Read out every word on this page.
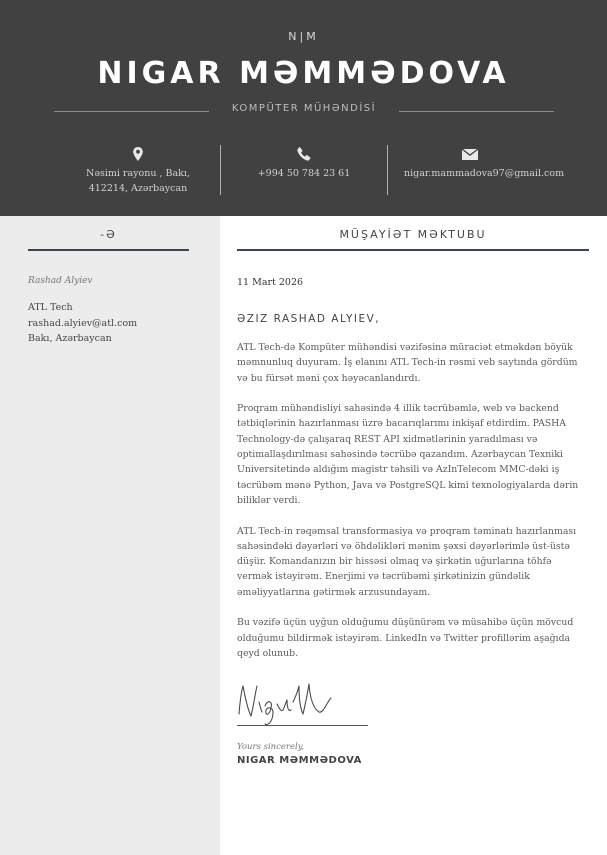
N|M
NIGAR MƏMMƏDOVA
KOMPÜTER MÜHƏNDİSİ
Nəsimi rayonu , Bakı, 412214, Azərbaycan
+994 50 784 23 61	nigar.mammadova97@gmail.com
-Ə
Rashad Alyiev
ATL Tech
rashad.alyiev@atl.com
Bakı, Azərbaycan
MÜŞAYİƏT MƏKTUBU
11 Mart 2026
ƏZIZ RASHAD ALYIEV,

ATL Tech-də Kompüter mühəndisi vəzifəsinə müraciət etməkdən böyük məmnunluq duyuram. İş elanını ATL Tech-in rəsmi veb saytında gördüm və bu fürsət məni çox həyəcanlandırdı.

Proqram mühəndisliyi sahəsində 4 illik təcrübəmlə, web və backend tətbiqlərinin hazırlanması üzrə bacarıqlarımı inkişaf etdirdim. PASHA Technology-də çalışaraq REST API xidmətlərinin yaradılması və optimallaşdırılması sahəsində təcrübə qazandım. Azərbaycan Texniki Universitetində aldığım magistr təhsili və AzInTelecom MMC-dəki iş təcrübəm mənə Python, Java və PostgreSQL kimi texnologiyalarda dərin biliklər verdi.

ATL Tech-in rəqəmsal transformasiya və proqram təminatı hazırlanması sahəsindəki dəyərləri və öhdəlikləri mənim şəxsi dəyərlərimlə üst-üstə düşür. Komandanızın bir hissəsi olmaq və şirkətin uğurlarına töhfə vermək istəyirəm. Enerjimi və təcrübəmi şirkətinizin gündəlik əməliyyatlarına gətirmək arzusundayam.

Bu vəzifə üçün uyğun olduğumu düşünürəm və müsahibə üçün mövcud olduğumu bildirmək istəyirəm. LinkedIn və Twitter profillərim aşağıda qeyd olunub.

Yours sincerely,
NIGAR MƏMMƏDOVA
